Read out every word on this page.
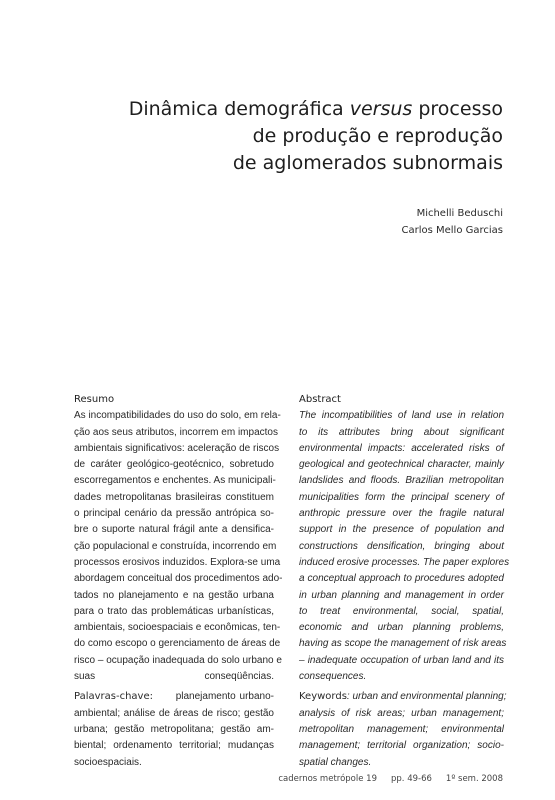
Dinâmica demográfica versus processo
de produção e reprodução
de aglomerados subnormais
Michelli Beduschi
Carlos Mello Garcias
Resumo
As incompatibilidades do uso do solo, em rela-
ção aos seus atributos, incorrem em impactos
ambientais significativos: aceleração de riscos
de caráter geológico-geotécnico, sobretudo
escorregamentos e enchentes. As municipali-
dades metropolitanas brasileiras constituem
o principal cenário da pressão antrópica so-
bre o suporte natural frágil ante a densifica-
ção populacional e construída, incorrendo em
processos erosivos induzidos. Explora-se uma
abordagem conceitual dos procedimentos ado-
tados no planejamento e na gestão urbana
para o trato das problemáticas urbanísticas,
ambientais, socioespaciais e econômicas, ten-
do como escopo o gerenciamento de áreas de
risco – ocupação inadequada do solo urbano e
suas conseqüências.
Palavras-chave: planejamento urbano-
ambiental; análise de áreas de risco; gestão
urbana; gestão metropolitana; gestão am-
biental; ordenamento territorial; mudanças
socioespaciais.
Abstract
The incompatibilities of land use in relation
to its attributes bring about significant
environmental impacts: accelerated risks of
geological and geotechnical character, mainly
landslides and floods. Brazilian metropolitan
municipalities form the principal scenery of
anthropic pressure over the fragile natural
support in the presence of population and
constructions densification, bringing about
induced erosive processes. The paper explores
a conceptual approach to procedures adopted
in urban planning and management in order
to treat environmental, social, spatial,
economic and urban planning problems,
having as scope the management of risk areas
– inadequate occupation of urban land and its
consequences.
Keywords: urban and environmental planning;
analysis of risk areas; urban management;
metropolitan management; environmental
management; territorial organization; socio-
spatial changes.
cadernos metrópole 19 pp. 49-66 1º sem. 2008
